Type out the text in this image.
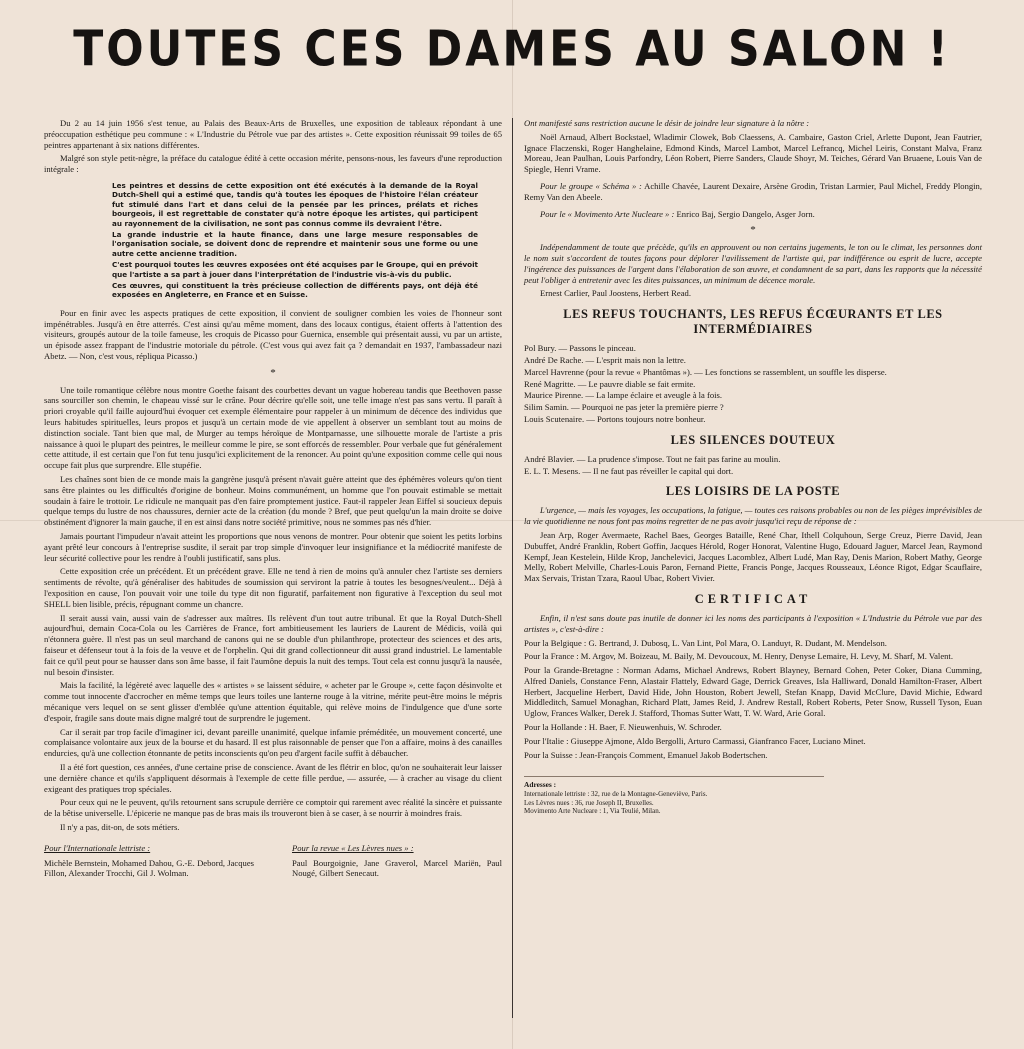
TOUTES CES DAMES AU SALON !

Du 2 au 14 juin 1956 s'est tenue, au Palais des Beaux-Arts de Bruxelles, une exposition de tableaux répondant à une préoccupation esthétique peu commune : « L'Industrie du Pétrole vue par des artistes ». Cette exposition réunissait 99 toiles de 65 peintres appartenant à six nations différentes.

Malgré son style petit-nègre, la préface du catalogue édité à cette occasion mérite, pensons-nous, les faveurs d'une reproduction intégrale :

Les peintres et dessins de cette exposition ont été exécutés à la demande de la Royal Dutch-Shell qui a estimé que, tandis qu'à toutes les époques de l'histoire l'élan créateur fut stimulé dans l'art et dans celui de la pensée par les princes, prélats et riches bourgeois, il est regrettable de constater qu'à notre époque les artistes, qui participent au rayonnement de la civilisation, ne sont pas connus comme ils devraient l'être.

La grande industrie et la haute finance, dans une large mesure responsables de l'organisation sociale, se doivent donc de reprendre et maintenir sous une forme ou une autre cette ancienne tradition.

C'est pourquoi toutes les œuvres exposées ont été acquises par le Groupe, qui en prévoit que l'artiste a sa part à jouer dans l'interprétation de l'industrie vis-à-vis du public.

Ces œuvres, qui constituent la très précieuse collection de différents pays, ont déjà été exposées en Angleterre, en France et en Suisse.

Pour en finir avec les aspects pratiques de cette exposition, il convient de souligner combien les voies de l'honneur sont impénétrables. Jusqu'à en être atterrés. C'est ainsi qu'au même moment, dans des locaux contigus, étaient offerts à l'attention des visiteurs, groupés autour de la toile fameuse, les croquis de Picasso pour Guernica, ensemble qui présentait aussi, vu par un artiste, un épisode assez frappant de l'industrie motoriale du pétrole. (C'est vous qui avez fait ça ? demandait en 1937, l'ambassadeur nazi Abetz. — Non, c'est vous, répliqua Picasso.)

*

Une toile romantique célèbre nous montre Goethe faisant des courbettes devant un vague hobereau tandis que Beethoven passe sans sourciller son chemin, le chapeau vissé sur le crâne. Pour décrire qu'elle soit, une telle image n'est pas sans vertu. Il paraît à priori croyable qu'il faille aujourd'hui évoquer cet exemple élémentaire pour rappeler à un minimum de décence des individus que leurs habitudes spirituelles, leurs propos et jusqu'à un certain mode de vie appellent à observer un semblant tout au moins de distinction sociale. Tant bien que mal, de Murger au temps héroïque de Montparnasse, une silhouette morale de l'artiste a pris naissance à quoi le plupart des peintres, le meilleur comme le pire, se sont efforcés de ressembler. Pour verbale que fut généralement cette attitude, il est certain que l'on fut tenu jusqu'ici explicitement de la renoncer. Au point qu'une exposition comme celle qui nous occupe fait plus que surprendre. Elle stupéfie.

Les chaînes sont bien de ce monde mais la gangrène jusqu'à présent n'avait guère atteint que des éphémères voleurs qu'on tient sans être plaintes ou les difficultés d'origine de bonheur. Moins communément, un homme que l'on pouvait estimable se mettait soudain à faire le trottoir. Le ridicule ne manquait pas d'en faire promptement justice. Faut-il rappeler Jean Eiffel si soucieux depuis quelque temps du lustre de nos chaussures, dernier acte de la création (du monde ? Bref, que peut quelqu'un la main droite se doive obstinément d'ignorer la main gauche, il en est ainsi dans notre société primitive, nous ne sommes pas nés d'hier.

Jamais pourtant l'impudeur n'avait atteint les proportions que nous venons de montrer. Pour obtenir que soient les petits lorbins ayant prêté leur concours à l'entreprise susdite, il serait par trop simple d'invoquer leur insignifiance et la médiocrité manifeste de leur sécurité collective pour les rendre à l'oubli justificatif, sans plus.

Cette exposition crée un précédent. Et un précédent grave. Elle ne tend à rien de moins qu'à annuler chez l'artiste ses derniers sentiments de révolte, qu'à généraliser des habitudes de soumission qui serviront la patrie à toutes les besognes/veulent... Déjà à l'exposition en cause, l'on pouvait voir une toile du type dit non figuratif, parfaitement non figurative à l'exception du seul mot SHELL bien lisible, précis, répugnant comme un chancre.

Il serait aussi vain, aussi vain de s'adresser aux maîtres. Ils relèvent d'un tout autre tribunal. Et que la Royal Dutch-Shell aujourd'hui, demain Coca-Cola ou les Carrières de France, fort ambitieusement les lauriers de Laurent de Médicis, voilà qui n'étonnera guère. Il n'est pas un seul marchand de canons qui ne se double d'un philanthrope, protecteur des sciences et des arts, faiseur et défenseur tout à la fois de la veuve et de l'orphelin. Qui dit grand collectionneur dit aussi grand industriel. Le lamentable fait ce qu'il peut pour se hausser dans son âme basse, il fait l'aumône depuis la nuit des temps. Tout cela est connu jusqu'à la nausée, nul besoin d'insister.

Mais la facilité, la légèreté avec laquelle des « artistes » se laissent séduire, « acheter par le Groupe », cette façon désinvolte et comme tout innocente d'accrocher en même temps que leurs toiles une lanterne rouge à la vitrine, mérite peut-être moins le mépris mécanique vers lequel on se sent glisser d'emblée qu'une attention équitable, qui relève moins de l'indulgence que d'une sorte d'espoir, fragile sans doute mais digne malgré tout de surprendre le jugement.

Car il serait par trop facile d'imaginer ici, devant pareille unanimité, quelque infamie préméditée, un mouvement concerté, une complaisance volontaire aux jeux de la bourse et du hasard. Il est plus raisonnable de penser que l'on a affaire, moins à des canailles endurcies, qu'à une collection étonnante de petits inconscients qu'on peu d'argent facile suffit à débaucher.

Il a été fort question, ces années, d'une certaine prise de conscience. Avant de les flétrir en bloc, qu'on ne souhaiterait leur laisser une dernière chance et qu'ils s'appliquent désormais à l'exemple de cette fille perdue, — assurée, — à cracher au visage du client exigeant des pratiques trop spéciales.

Pour ceux qui ne le peuvent, qu'ils retournent sans scrupule derrière ce comptoir qui rarement avec réalité la sincère et puissante de la bêtise universelle. L'épicerie ne manque pas de bras mais ils trouveront bien à se caser, à se nourrir à moindres frais.

Il n'y a pas, dit-on, de sots métiers.

Pour l'Internationale lettriste :

Michèle Bernstein, Mohamed Dahou, G.-E. Debord, Jacques Fillon, Alexander Trocchi, Gil J. Wolman.

Pour la revue « Les Lèvres nues » :

Paul Bourgoignie, Jane Graverol, Marcel Mariën, Paul Nougé, Gilbert Senecaut.

Ont manifesté sans restriction aucune le désir de joindre leur signature à la nôtre :

Noël Arnaud, Albert Bockstael, Wladimir Clowek, Bob Claessens, A. Cambaire, Gaston Criel, Arlette Dupont, Jean Fautrier, Ignace Flaczenski, Roger Hanghelaine, Edmond Kinds, Marcel Lambot, Marcel Lefrancq, Michel Leiris, Constant Malva, Franz Moreau, Jean Paulhan, Louis Parfondry, Léon Robert, Pierre Sanders, Claude Shoyr, M. Teiches, Gérard Van Bruaene, Louis Van de Spiegle, Henri Vrame.

Pour le groupe « Schéma » : Achille Chavée, Laurent Dexaire, Arsène Grodin, Tristan Larmier, Paul Michel, Freddy Plongin, Remy Van den Abeele.

Pour le « Movimento Arte Nucleare » : Enrico Baj, Sergio Dangelo, Asger Jorn.

*

Indépendamment de toute que précède, qu'ils en approuvent ou non certains jugements, le ton ou le climat, les personnes dont le nom suit s'accordent de toutes façons pour déplorer l'avilissement de l'artiste qui, par indifférence ou esprit de lucre, accepte l'ingérence des puissances de l'argent dans l'élaboration de son œuvre, et condamnent de sa part, dans les rapports que la nécessité peut l'obliger à entretenir avec les dites puissances, un minimum de décence morale.

Ernest Carlier, Paul Joostens, Herbert Read.

LES REFUS TOUCHANTS, LES REFUS ÉCŒURANTS ET LES INTERMÉDIAIRES

Pol Bury. — Passons le pinceau.

André De Rache. — L'esprit mais non la lettre.

Marcel Havrenne (pour la revue « Phantômas »). — Les fonctions se rassemblent, un souffle les disperse.

René Magritte. — Le pauvre diable se fait ermite.

Maurice Pirenne. — La lampe éclaire et aveugle à la fois.

Silim Samin. — Pourquoi ne pas jeter la première pierre ?

Louis Scutenaire. — Portons toujours notre bonheur.

LES SILENCES DOUTEUX

André Blavier. — La prudence s'impose. Tout ne fait pas farine au moulin.

E. L. T. Mesens. — Il ne faut pas réveiller le capital qui dort.

LES LOISIRS DE LA POSTE

L'urgence, — mais les voyages, les occupations, la fatigue, — toutes ces raisons probables ou non de les pièges imprévisibles de la vie quotidienne ne nous font pas moins regretter de ne pas avoir jusqu'ici reçu de réponse de :

Jean Arp, Roger Avermaete, Rachel Baes, Georges Bataille, René Char, Ithell Colquhoun, Serge Creuz, Pierre David, Jean Dubuffet, André Franklin, Robert Goffin, Jacques Hérold, Roger Honorat, Valentine Hugo, Edouard Jaguer, Marcel Jean, Raymond Kempf, Jean Kestelein, Hilde Krop, Janchelevici, Jacques Lacomblez, Albert Ludé, Man Ray, Denis Marion, Robert Mathy, George Melly, Robert Melville, Charles-Louis Paron, Fernand Piette, Francis Ponge, Jacques Rousseaux, Léonce Rigot, Edgar Scauflaire, Max Servais, Tristan Tzara, Raoul Ubac, Robert Vivier.

CERTIFICAT

Enfin, il n'est sans doute pas inutile de donner ici les noms des participants à l'exposition « L'Industrie du Pétrole vue par des artistes », c'est-à-dire :

Pour la Belgique : G. Bertrand, J. Dubosq, L. Van Lint, Pol Mara, O. Landuyt, R. Dudant, M. Mendelson.

Pour la France : M. Argov, M. Boizeau, M. Baily, M. Devoucoux, M. Henry, Denyse Lemaire, H. Levy, M. Sharf, M. Valent.

Pour la Grande-Bretagne : Norman Adams, Michael Andrews, Robert Blayney, Bernard Cohen, Peter Coker, Diana Cumming, Alfred Daniels, Constance Fenn, Alastair Flattely, Edward Gage, Derrick Greaves, Isla Halliward, Donald Hamilton-Fraser, Albert Herbert, Jacqueline Herbert, David Hide, John Houston, Robert Jewell, Stefan Knapp, David McClure, David Michie, Edward Middleditch, Samuel Monaghan, Richard Platt, James Reid, J. Andrew Restall, Robert Roberts, Peter Snow, Russell Tyson, Euan Uglow, Frances Walker, Derek J. Stafford, Thomas Sutter Watt, T. W. Ward, Arie Goral.

Pour la Hollande : H. Baer, F. Nieuwenhuis, W. Schroder.

Pour l'Italie : Giuseppe Ajmone, Aldo Bergolli, Arturo Carmassi, Gianfranco Facer, Luciano Minet.

Pour la Suisse : Jean-François Comment, Emanuel Jakob Bodertschen.

Adresses :
Internationale lettriste : 32, rue de la Montagne-Geneviève, Paris.
Les Lèvres nues : 36, rue Joseph II, Bruxelles.
Movimento Arte Nucleare : 1, Via Teulié, Milan.
